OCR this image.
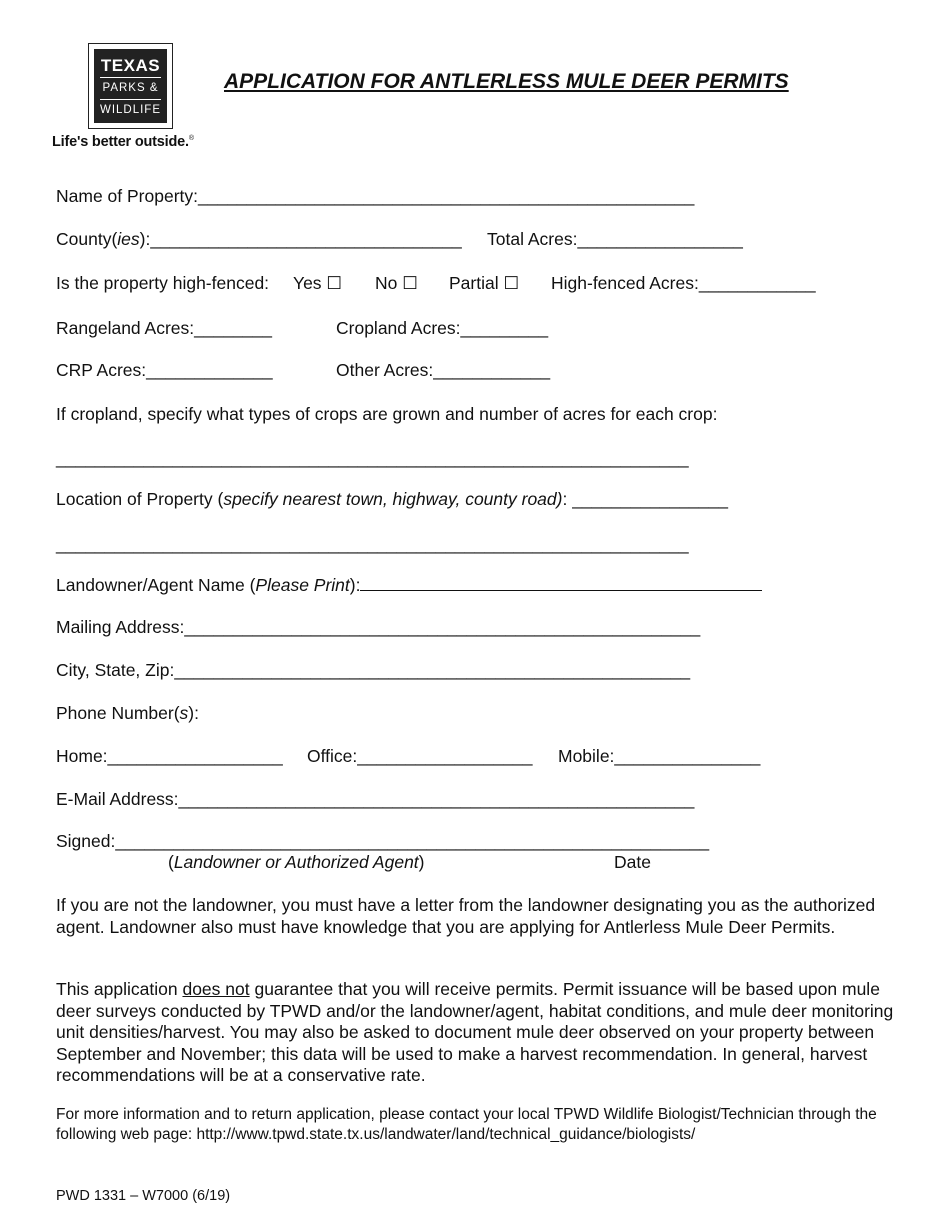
TEXAS
PARKS &
WILDLIFE
Life's better outside.®
APPLICATION FOR ANTLERLESS MULE DEER PERMITS
Name of Property:___________________________________________________
County(ies):________________________________ Total Acres:_________________
Is the property high-fenced: Yes ☐ No ☐ Partial ☐ High-fenced Acres:____________
Rangeland Acres:________	Cropland Acres:_________
CRP Acres:_____________	Other Acres:____________
If cropland, specify what types of crops are grown and number of acres for each crop:
_________________________________________________________________
Location of Property (specify nearest town, highway, county road): ________________
_________________________________________________________________
Landowner/Agent Name (Please Print):
Mailing Address:_____________________________________________________
City, State, Zip:_____________________________________________________
Phone Number(s):
Home:__________________ Office:__________________ Mobile:_______________
E-Mail Address:_____________________________________________________
Signed:_____________________________________________________________
(Landowner or Authorized Agent)	Date
If you are not the landowner, you must have a letter from the landowner designating you as the authorized agent. Landowner also must have knowledge that you are applying for Antlerless Mule Deer Permits.
This application does not guarantee that you will receive permits. Permit issuance will be based upon mule deer surveys conducted by TPWD and/or the landowner/agent, habitat conditions, and mule deer monitoring unit densities/harvest. You may also be asked to document mule deer observed on your property between September and November; this data will be used to make a harvest recommendation. In general, harvest recommendations will be at a conservative rate.
For more information and to return application, please contact your local TPWD Wildlife Biologist/Technician through the following web page: http://www.tpwd.state.tx.us/landwater/land/technical_guidance/biologists/
PWD 1331 – W7000 (6/19)
